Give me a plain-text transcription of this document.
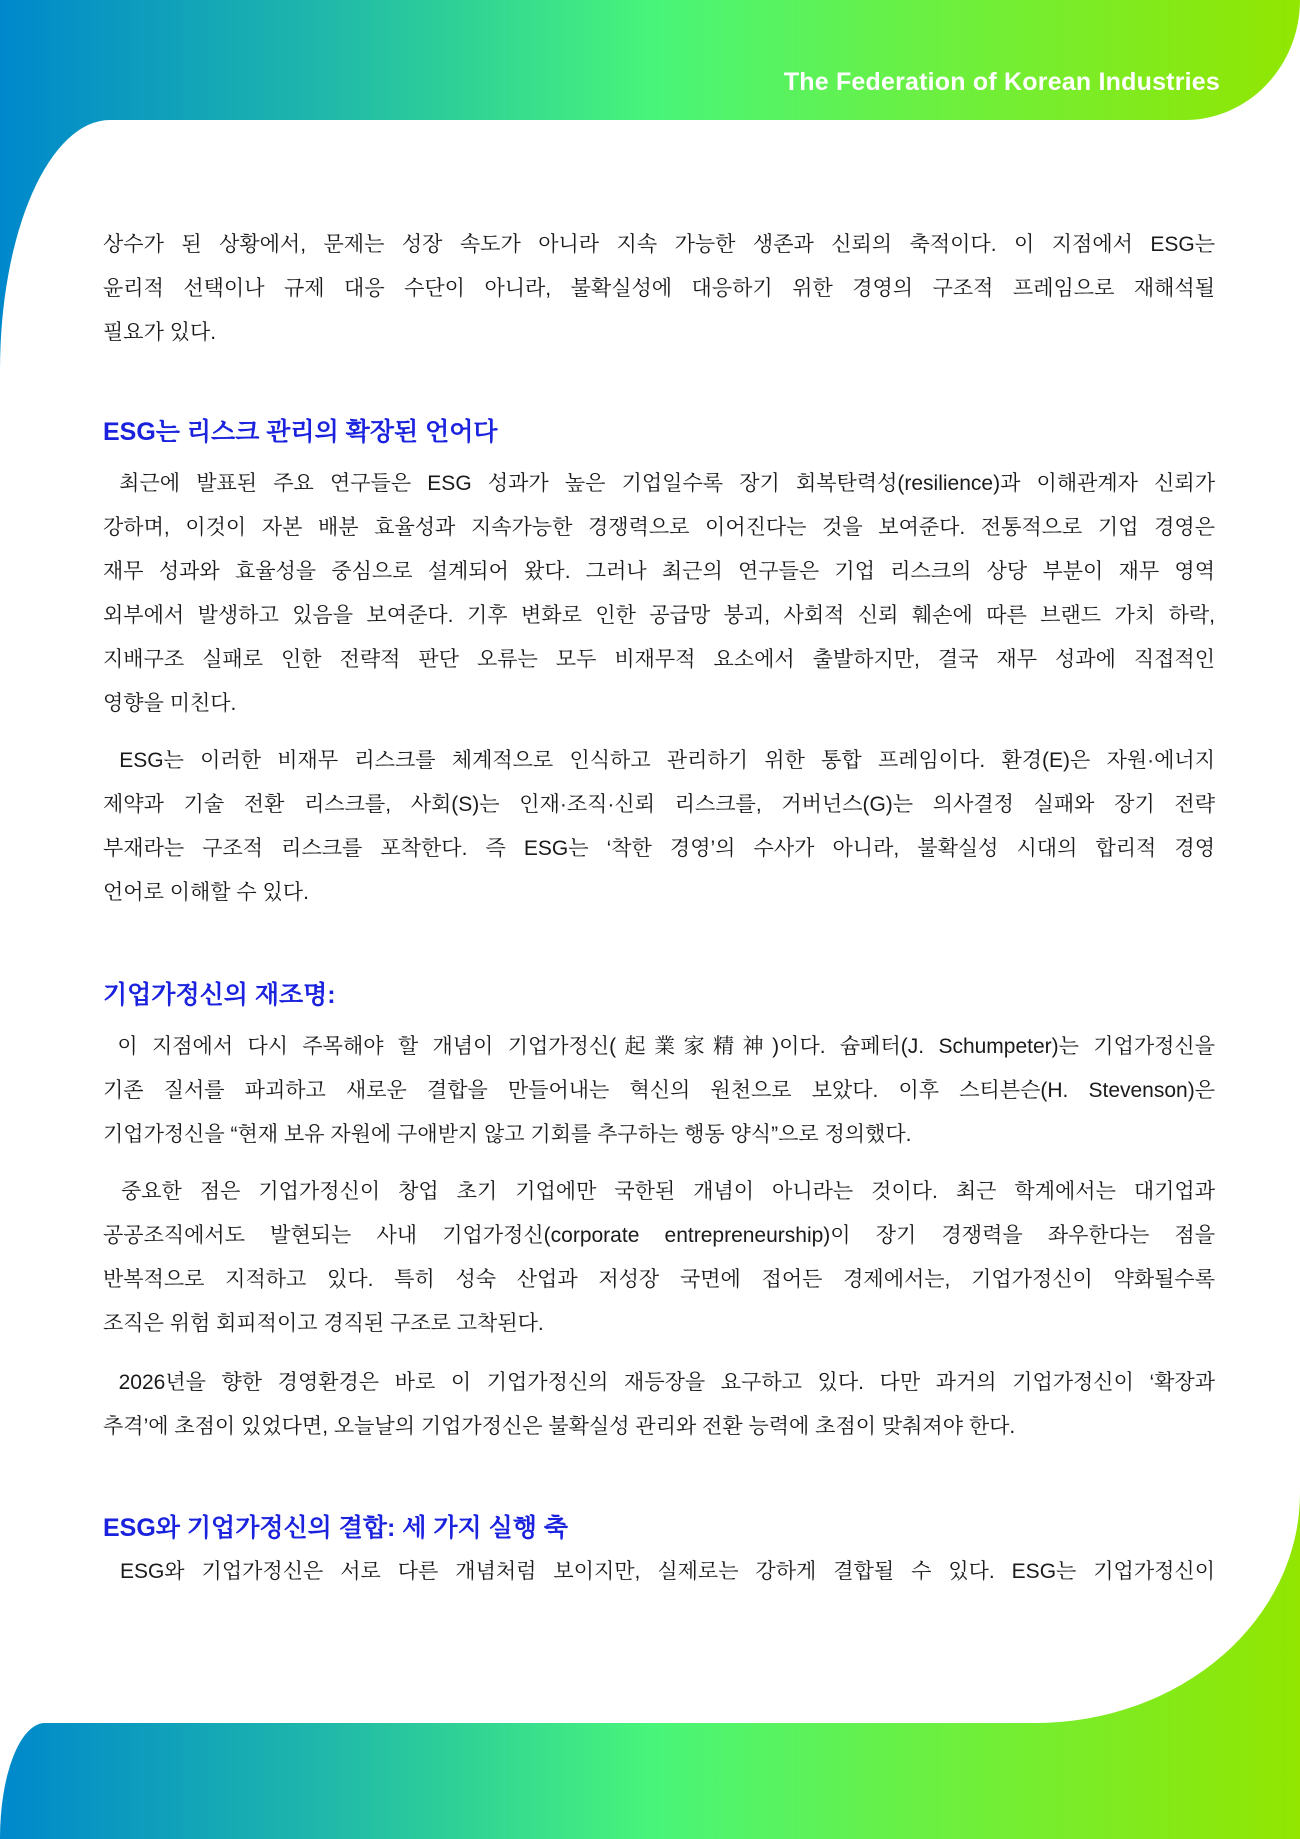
The Federation of Korean Industries
상수가 된 상황에서, 문제는 성장 속도가 아니라 지속 가능한 생존과 신뢰의 축적이다. 이 지점에서 ESG는
윤리적 선택이나 규제 대응 수단이 아니라, 불확실성에 대응하기 위한 경영의 구조적 프레임으로 재해석될
필요가 있다.
ESG는 리스크 관리의 확장된 언어다
최근에 발표된 주요 연구들은 ESG 성과가 높은 기업일수록 장기 회복탄력성(resilience)과 이해관계자 신뢰가
강하며, 이것이 자본 배분 효율성과 지속가능한 경쟁력으로 이어진다는 것을 보여준다. 전통적으로 기업 경영은
재무 성과와 효율성을 중심으로 설계되어 왔다. 그러나 최근의 연구들은 기업 리스크의 상당 부분이 재무 영역
외부에서 발생하고 있음을 보여준다. 기후 변화로 인한 공급망 붕괴, 사회적 신뢰 훼손에 따른 브랜드 가치 하락,
지배구조 실패로 인한 전략적 판단 오류는 모두 비재무적 요소에서 출발하지만, 결국 재무 성과에 직접적인
영향을 미친다.
ESG는 이러한 비재무 리스크를 체계적으로 인식하고 관리하기 위한 통합 프레임이다. 환경(E)은 자원·에너지
제약과 기술 전환 리스크를, 사회(S)는 인재·조직·신뢰 리스크를, 거버넌스(G)는 의사결정 실패와 장기 전략
부재라는 구조적 리스크를 포착한다. 즉 ESG는 ‘착한 경영’의 수사가 아니라, 불확실성 시대의 합리적 경영
언어로 이해할 수 있다.
기업가정신의 재조명:
이 지점에서 다시 주목해야 할 개념이 기업가정신(起業家精神)이다. 슘페터(J. Schumpeter)는 기업가정신을
기존 질서를 파괴하고 새로운 결합을 만들어내는 혁신의 원천으로 보았다. 이후 스티븐슨(H. Stevenson)은
기업가정신을 “현재 보유 자원에 구애받지 않고 기회를 추구하는 행동 양식”으로 정의했다.
중요한 점은 기업가정신이 창업 초기 기업에만 국한된 개념이 아니라는 것이다. 최근 학계에서는 대기업과
공공조직에서도 발현되는 사내 기업가정신(corporate entrepreneurship)이 장기 경쟁력을 좌우한다는 점을
반복적으로 지적하고 있다. 특히 성숙 산업과 저성장 국면에 접어든 경제에서는, 기업가정신이 약화될수록
조직은 위험 회피적이고 경직된 구조로 고착된다.
2026년을 향한 경영환경은 바로 이 기업가정신의 재등장을 요구하고 있다. 다만 과거의 기업가정신이 ‘확장과
추격’에 초점이 있었다면, 오늘날의 기업가정신은 불확실성 관리와 전환 능력에 초점이 맞춰져야 한다.
ESG와 기업가정신의 결합: 세 가지 실행 축
ESG와 기업가정신은 서로 다른 개념처럼 보이지만, 실제로는 강하게 결합될 수 있다. ESG는 기업가정신이
